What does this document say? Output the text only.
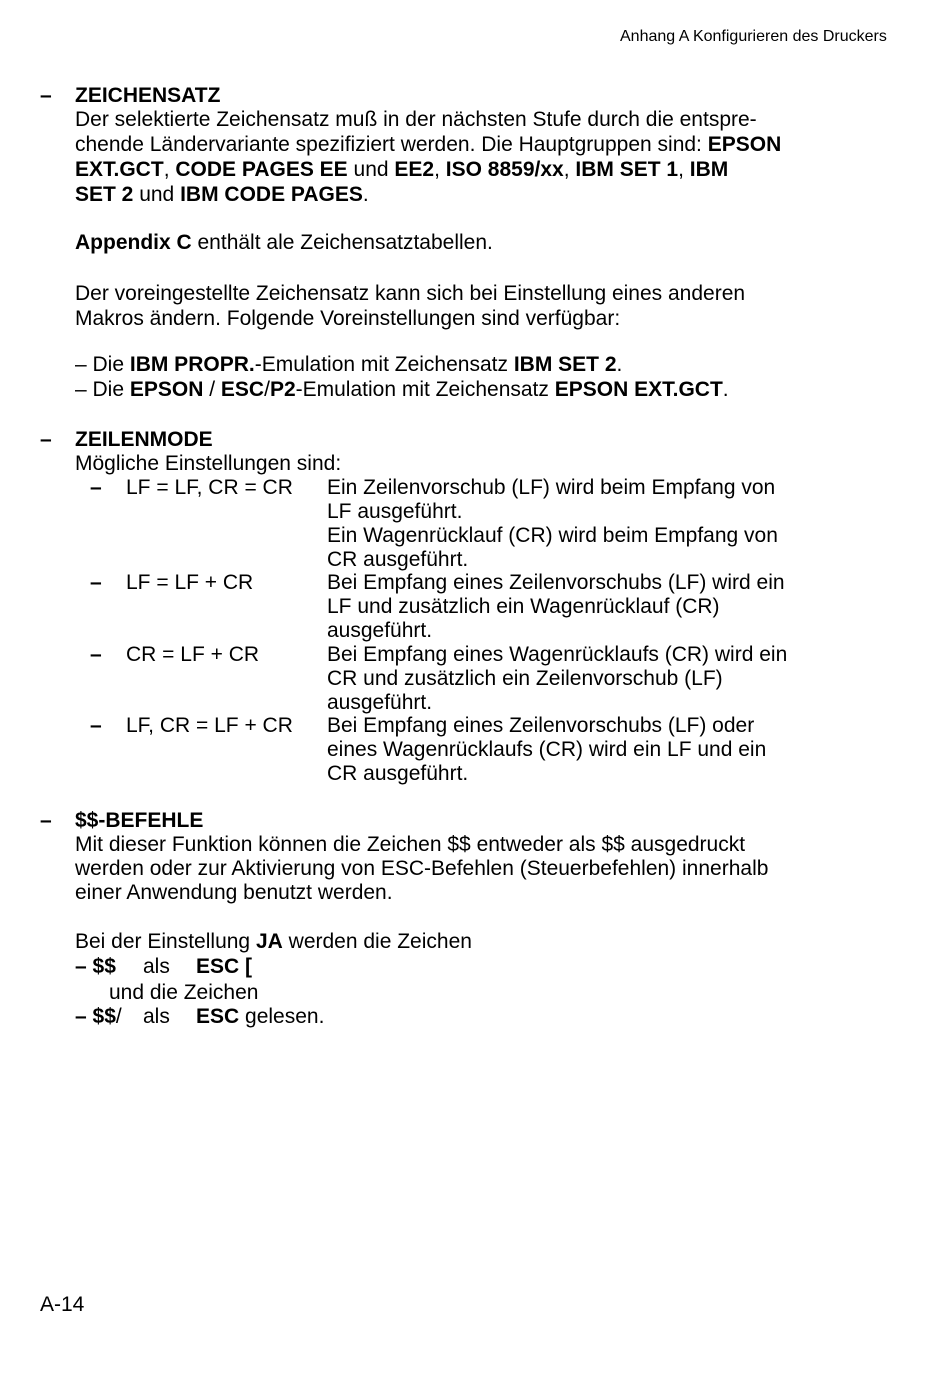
Anhang A Konfigurieren des Druckers
– ZEICHENSATZ
Der selektierte Zeichensatz muß in der nächsten Stufe durch die entspre-
chende Ländervariante spezifiziert werden. Die Hauptgruppen sind: EPSON
EXT.GCT, CODE PAGES EE und EE2, ISO 8859/xx, IBM SET 1, IBM
SET 2 und IBM CODE PAGES.
Appendix C enthält ale Zeichensatztabellen.
Der voreingestellte Zeichensatz kann sich bei Einstellung eines anderen
Makros ändern. Folgende Voreinstellungen sind verfügbar:
– Die IBM PROPR.-Emulation mit Zeichensatz IBM SET 2.
– Die EPSON / ESC/P2-Emulation mit Zeichensatz EPSON EXT.GCT.
– ZEILENMODE
Mögliche Einstellungen sind:
– LF = LF, CR = CR Ein Zeilenvorschub (LF) wird beim Empfang von
LF ausgeführt.
Ein Wagenrücklauf (CR) wird beim Empfang von
CR ausgeführt.
– LF = LF + CR	Bei Empfang eines Zeilenvorschubs (LF) wird ein
LF und zusätzlich ein Wagenrücklauf (CR)
ausgeführt.
– CR = LF + CR	Bei Empfang eines Wagenrücklaufs (CR) wird ein
CR und zusätzlich ein Zeilenvorschub (LF)
ausgeführt.
– LF, CR = LF + CR Bei Empfang eines Zeilenvorschubs (LF) oder
eines Wagenrücklaufs (CR) wird ein LF und ein
CR ausgeführt.
– $$-BEFEHLE
Mit dieser Funktion können die Zeichen $$ entweder als $$ ausgedruckt
werden oder zur Aktivierung von ESC-Befehlen (Steuerbefehlen) innerhalb
einer Anwendung benutzt werden.
Bei der Einstellung JA werden die Zeichen
– $$ als ESC [
und die Zeichen
– $$/ als ESC gelesen.
A-14
